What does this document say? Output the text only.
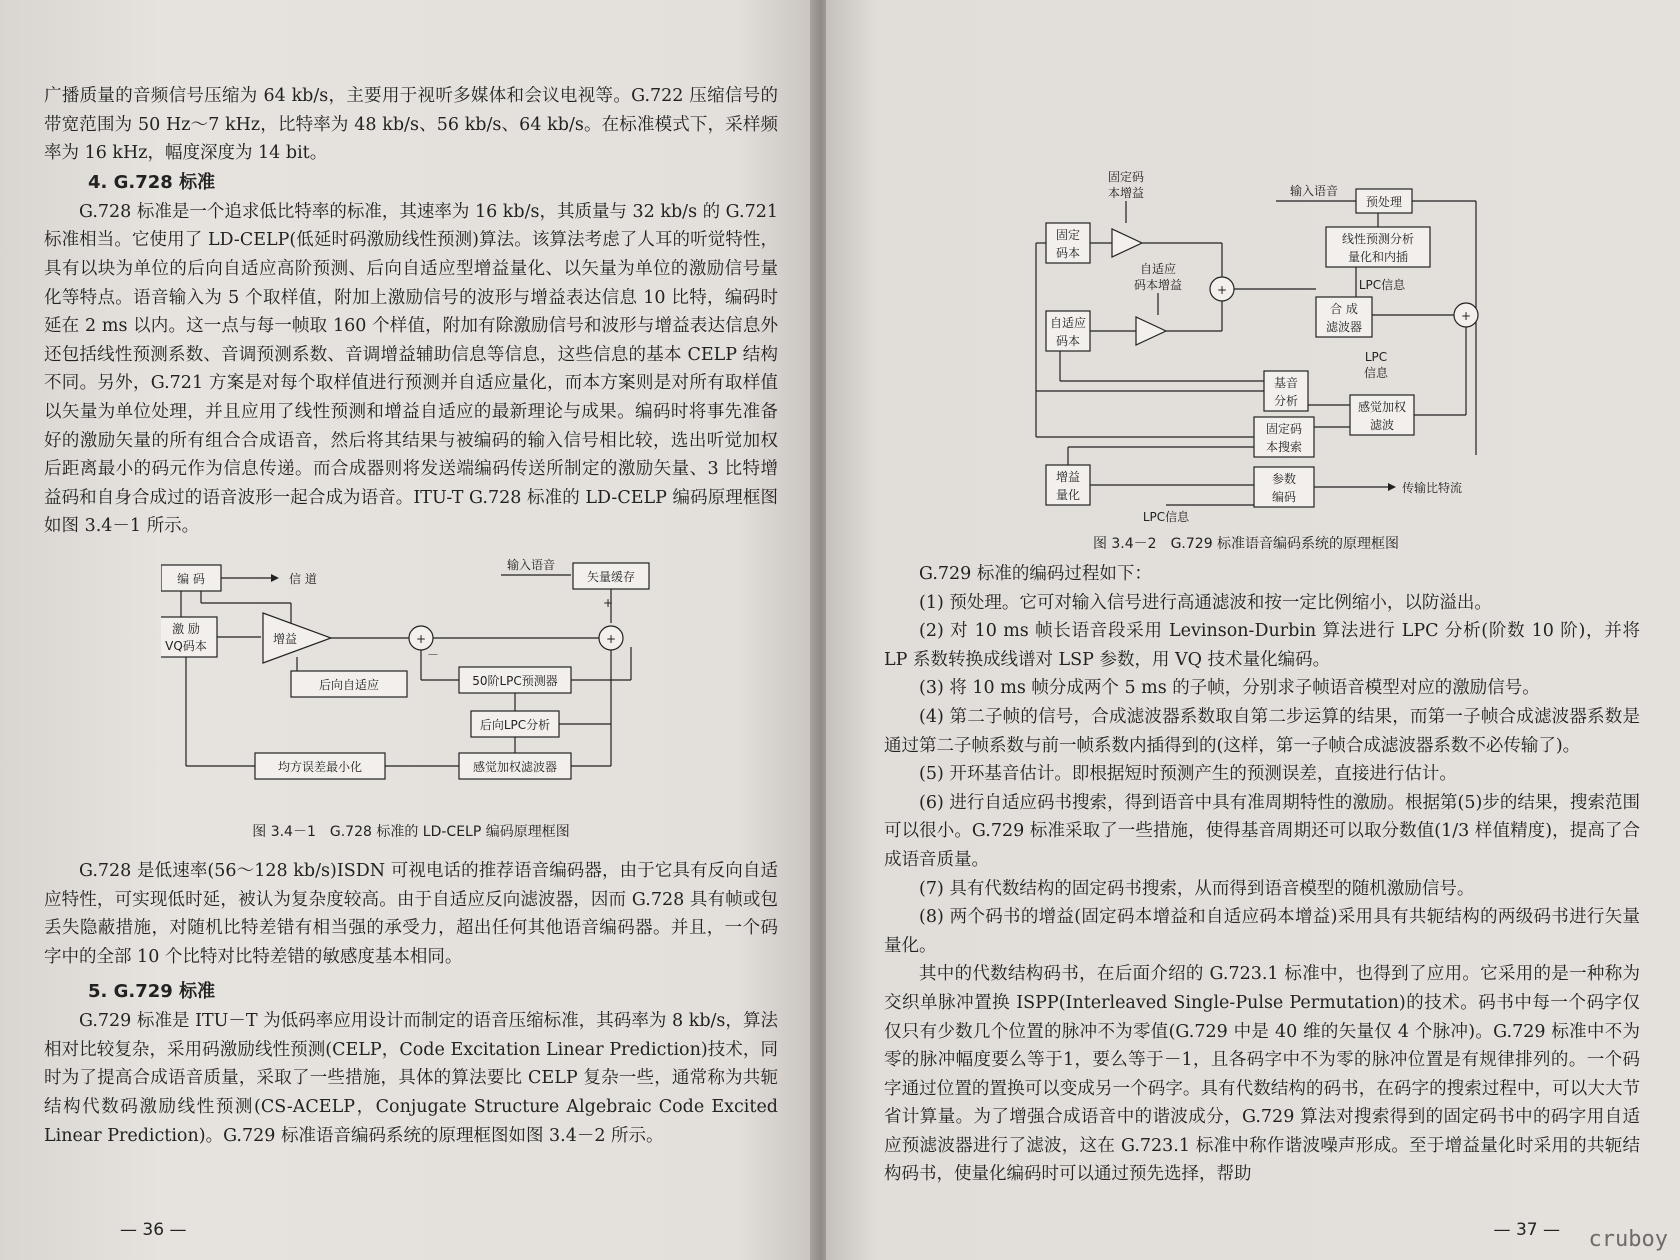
广播质量的音频信号压缩为 64 kb/s，主要用于视听多媒体和会议电视等。G.722 压缩信号的带宽范围为 50 Hz～7 kHz，比特率为 48 kb/s、56 kb/s、64 kb/s。在标准模式下，采样频率为 16 kHz，幅度深度为 14 bit。

4. G.728 标准

G.728 标准是一个追求低比特率的标准，其速率为 16 kb/s，其质量与 32 kb/s 的 G.721标准相当。它使用了 LD-CELP(低延时码激励线性预测)算法。该算法考虑了人耳的听觉特性，具有以块为单位的后向自适应高阶预测、后向自适应型增益量化、以矢量为单位的激励信号量化等特点。语音输入为 5 个取样值，附加上激励信号的波形与增益表达信息 10 比特，编码时延在 2 ms 以内。这一点与每一帧取 160 个样值，附加有除激励信号和波形与增益表达信息外还包括线性预测系数、音调预测系数、音调增益辅助信息等信息，这些信息的基本 CELP 结构不同。另外，G.721 方案是对每个取样值进行预测并自适应量化，而本方案则是对所有取样值以矢量为单位处理，并且应用了线性预测和增益自适应的最新理论与成果。编码时将事先准备好的激励矢量的所有组合合成语音，然后将其结果与被编码的输入信号相比较，选出听觉加权后距离最小的码元作为信息传递。而合成器则将发送端编码传送所制定的激励矢量、3 比特增益码和自身合成过的语音波形一起合成为语音。ITU-T G.728 标准的 LD-CELP 编码原理框图如图 3.4－1 所示。

编 码	信 道
输入语音
矢量缓存
+
激 励
VQ码本	增益	+	+
－
后向自适应	50阶LPC预测器
后向LPC分析
感觉加权滤波器
均方误差最小化
图 3.4－1　G.728 标准的 LD-CELP 编码原理框图

G.728 是低速率(56～128 kb/s)ISDN 可视电话的推荐语音编码器，由于它具有反向自适应特性，可实现低时延，被认为复杂度较高。由于自适应反向滤波器，因而 G.728 具有帧或包丢失隐蔽措施，对随机比特差错有相当强的承受力，超出任何其他语音编码器。并且，一个码字中的全部 10 个比特对比特差错的敏感度基本相同。

5. G.729 标准

G.729 标准是 ITU－T 为低码率应用设计而制定的语音压缩标准，其码率为 8 kb/s，算法相对比较复杂，采用码激励线性预测(CELP，Code Excitation Linear Prediction)技术，同时为了提高合成语音质量，采取了一些措施，具体的算法要比 CELP 复杂一些，通常称为共轭结构代数码激励线性预测(CS-ACELP，Conjugate Structure Algebraic Code Excited Linear Prediction)。G.729 标准语音编码系统的原理框图如图 3.4－2 所示。

— 36 —
固定码
本增益	输入语音
预处理
固定
码本
线性预测分析
量化和内插
LPC信息
自适应
码本增益	+
合 成
滤波器
+
自适应
码本
LPC
信息
基音
分析	感觉加权
滤波
固定码
本搜索
增益
量化
参数
编码
传输比特流
LPC信息
图 3.4－2　G.729 标准语音编码系统的原理框图

G.729 标准的编码过程如下：

(1) 预处理。它可对输入信号进行高通滤波和按一定比例缩小，以防溢出。

(2) 对 10 ms 帧长语音段采用 Levinson-Durbin 算法进行 LPC 分析(阶数 10 阶)，并将 LP 系数转换成线谱对 LSP 参数，用 VQ 技术量化编码。

(3) 将 10 ms 帧分成两个 5 ms 的子帧，分别求子帧语音模型对应的激励信号。

(4) 第二子帧的信号，合成滤波器系数取自第二步运算的结果，而第一子帧合成滤波器系数是通过第二子帧系数与前一帧系数内插得到的(这样，第一子帧合成滤波器系数不必传输了)。

(5) 开环基音估计。即根据短时预测产生的预测误差，直接进行估计。

(6) 进行自适应码书搜索，得到语音中具有准周期特性的激励。根据第(5)步的结果，搜索范围可以很小。G.729 标准采取了一些措施，使得基音周期还可以取分数值(1/3 样值精度)，提高了合成语音质量。

(7) 具有代数结构的固定码书搜索，从而得到语音模型的随机激励信号。

(8) 两个码书的增益(固定码本增益和自适应码本增益)采用具有共轭结构的两级码书进行矢量量化。

其中的代数结构码书，在后面介绍的 G.723.1 标准中，也得到了应用。它采用的是一种称为交织单脉冲置换 ISPP(Interleaved Single-Pulse Permutation)的技术。码书中每一个码字仅仅只有少数几个位置的脉冲不为零值(G.729 中是 40 维的矢量仅 4 个脉冲)。G.729 标准中不为零的脉冲幅度要么等于1，要么等于－1，且各码字中不为零的脉冲位置是有规律排列的。一个码字通过位置的置换可以变成另一个码字。具有代数结构的码书，在码字的搜索过程中，可以大大节省计算量。为了增强合成语音中的谐波成分，G.729 算法对搜索得到的固定码书中的码字用自适应预滤波器进行了滤波，这在 G.723.1 标准中称作谐波噪声形成。至于增益量化时采用的共轭结构码书，使量化编码时可以通过预先选择，帮助

— 37 — cruboy
